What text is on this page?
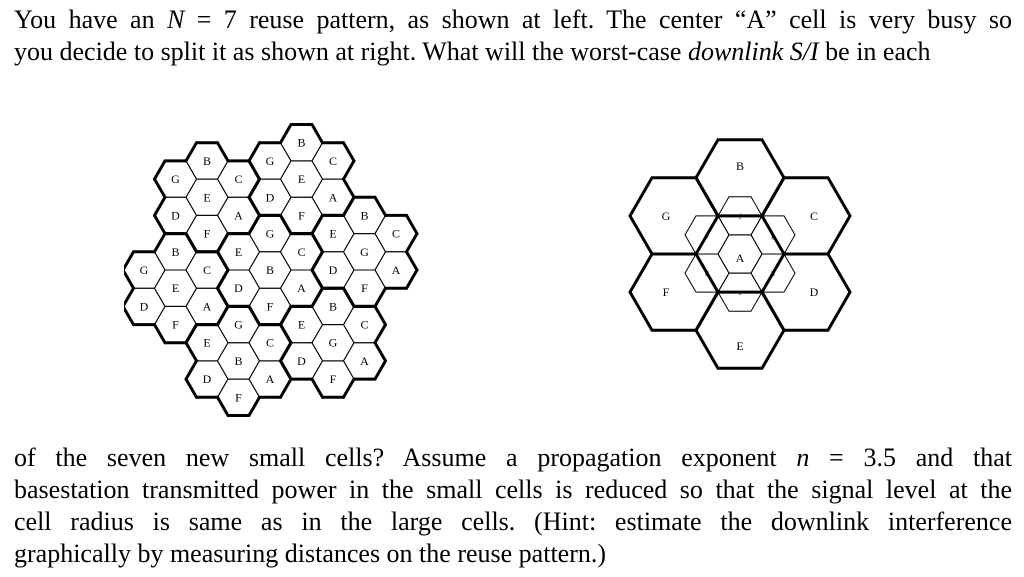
You have an N = 7 reuse pattern, as shown at left. The center “A” cell is very busy so
you decide to split it as shown at right. What will the worst-case downlink S/I be in each

B
G
C
A
F
D
E
G
B
C
A
F
D
E
B
G
C
A
F
D
E
E
B
C
A
F
D
G
E
B
C
A
F
D
G	E
B
C
A
F
D
G
G
B
C
A
F
D
E
A
B
C
D
E
F
G	f
g
b
c
d
e

of the seven new small cells? Assume a propagation exponent n = 3.5 and that
basestation transmitted power in the small cells is reduced so that the signal level at the
cell radius is same as in the large cells. (Hint: estimate the downlink interference
graphically by measuring distances on the reuse pattern.)
